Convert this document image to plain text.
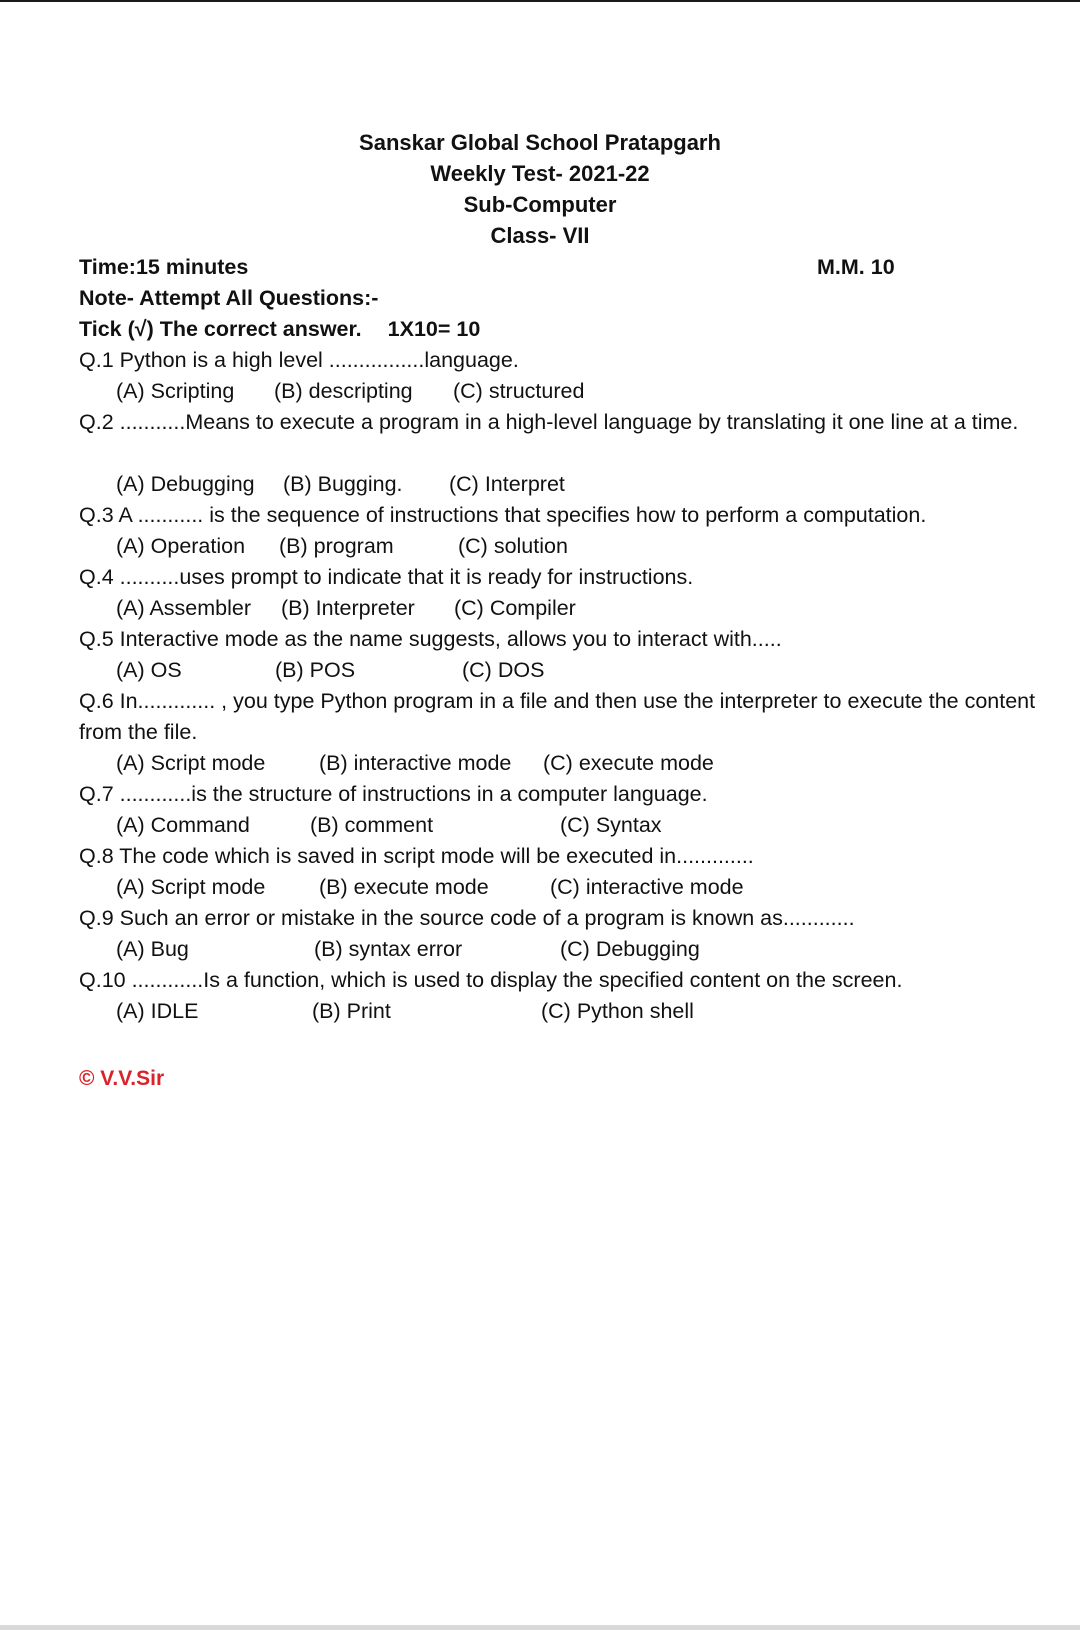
Sanskar Global School Pratapgarh
Weekly Test- 2021-22
Sub-Computer
Class- VII
Time:15 minutes	M.M. 10
Note- Attempt All Questions:-
Tick (√) The correct answer. 1X10= 10
Q.1 Python is a high level ................language.
(A) Scripting (B) descripting (C) structured
Q.2 ...........Means to execute a program in a high-level language by translating it one line at a time.
(A) Debugging (B) Bugging. (C) Interpret
Q.3 A ........... is the sequence of instructions that specifies how to perform a computation.
(A) Operation (B) program	(C) solution
Q.4 ..........uses prompt to indicate that it is ready for instructions.
(A) Assembler (B) Interpreter (C) Compiler
Q.5 Interactive mode as the name suggests, allows you to interact with.....
(A) OS	(B) POS	(C) DOS
Q.6 In............. , you type Python program in a file and then use the interpreter to execute the content from the file.
(A) Script mode (B) interactive mode (C) execute mode
Q.7 ............is the structure of instructions in a computer language.
(A) Command	(B) comment	(C) Syntax
Q.8 The code which is saved in script mode will be executed in.............
(A) Script mode (B) execute mode	(C) interactive mode
Q.9 Such an error or mistake in the source code of a program is known as............
(A) Bug	(B) syntax error	(C) Debugging
Q.10 ............Is a function, which is used to display the specified content on the screen.
(A) IDLE	(B) Print	(C) Python shell
© V.V.Sir
